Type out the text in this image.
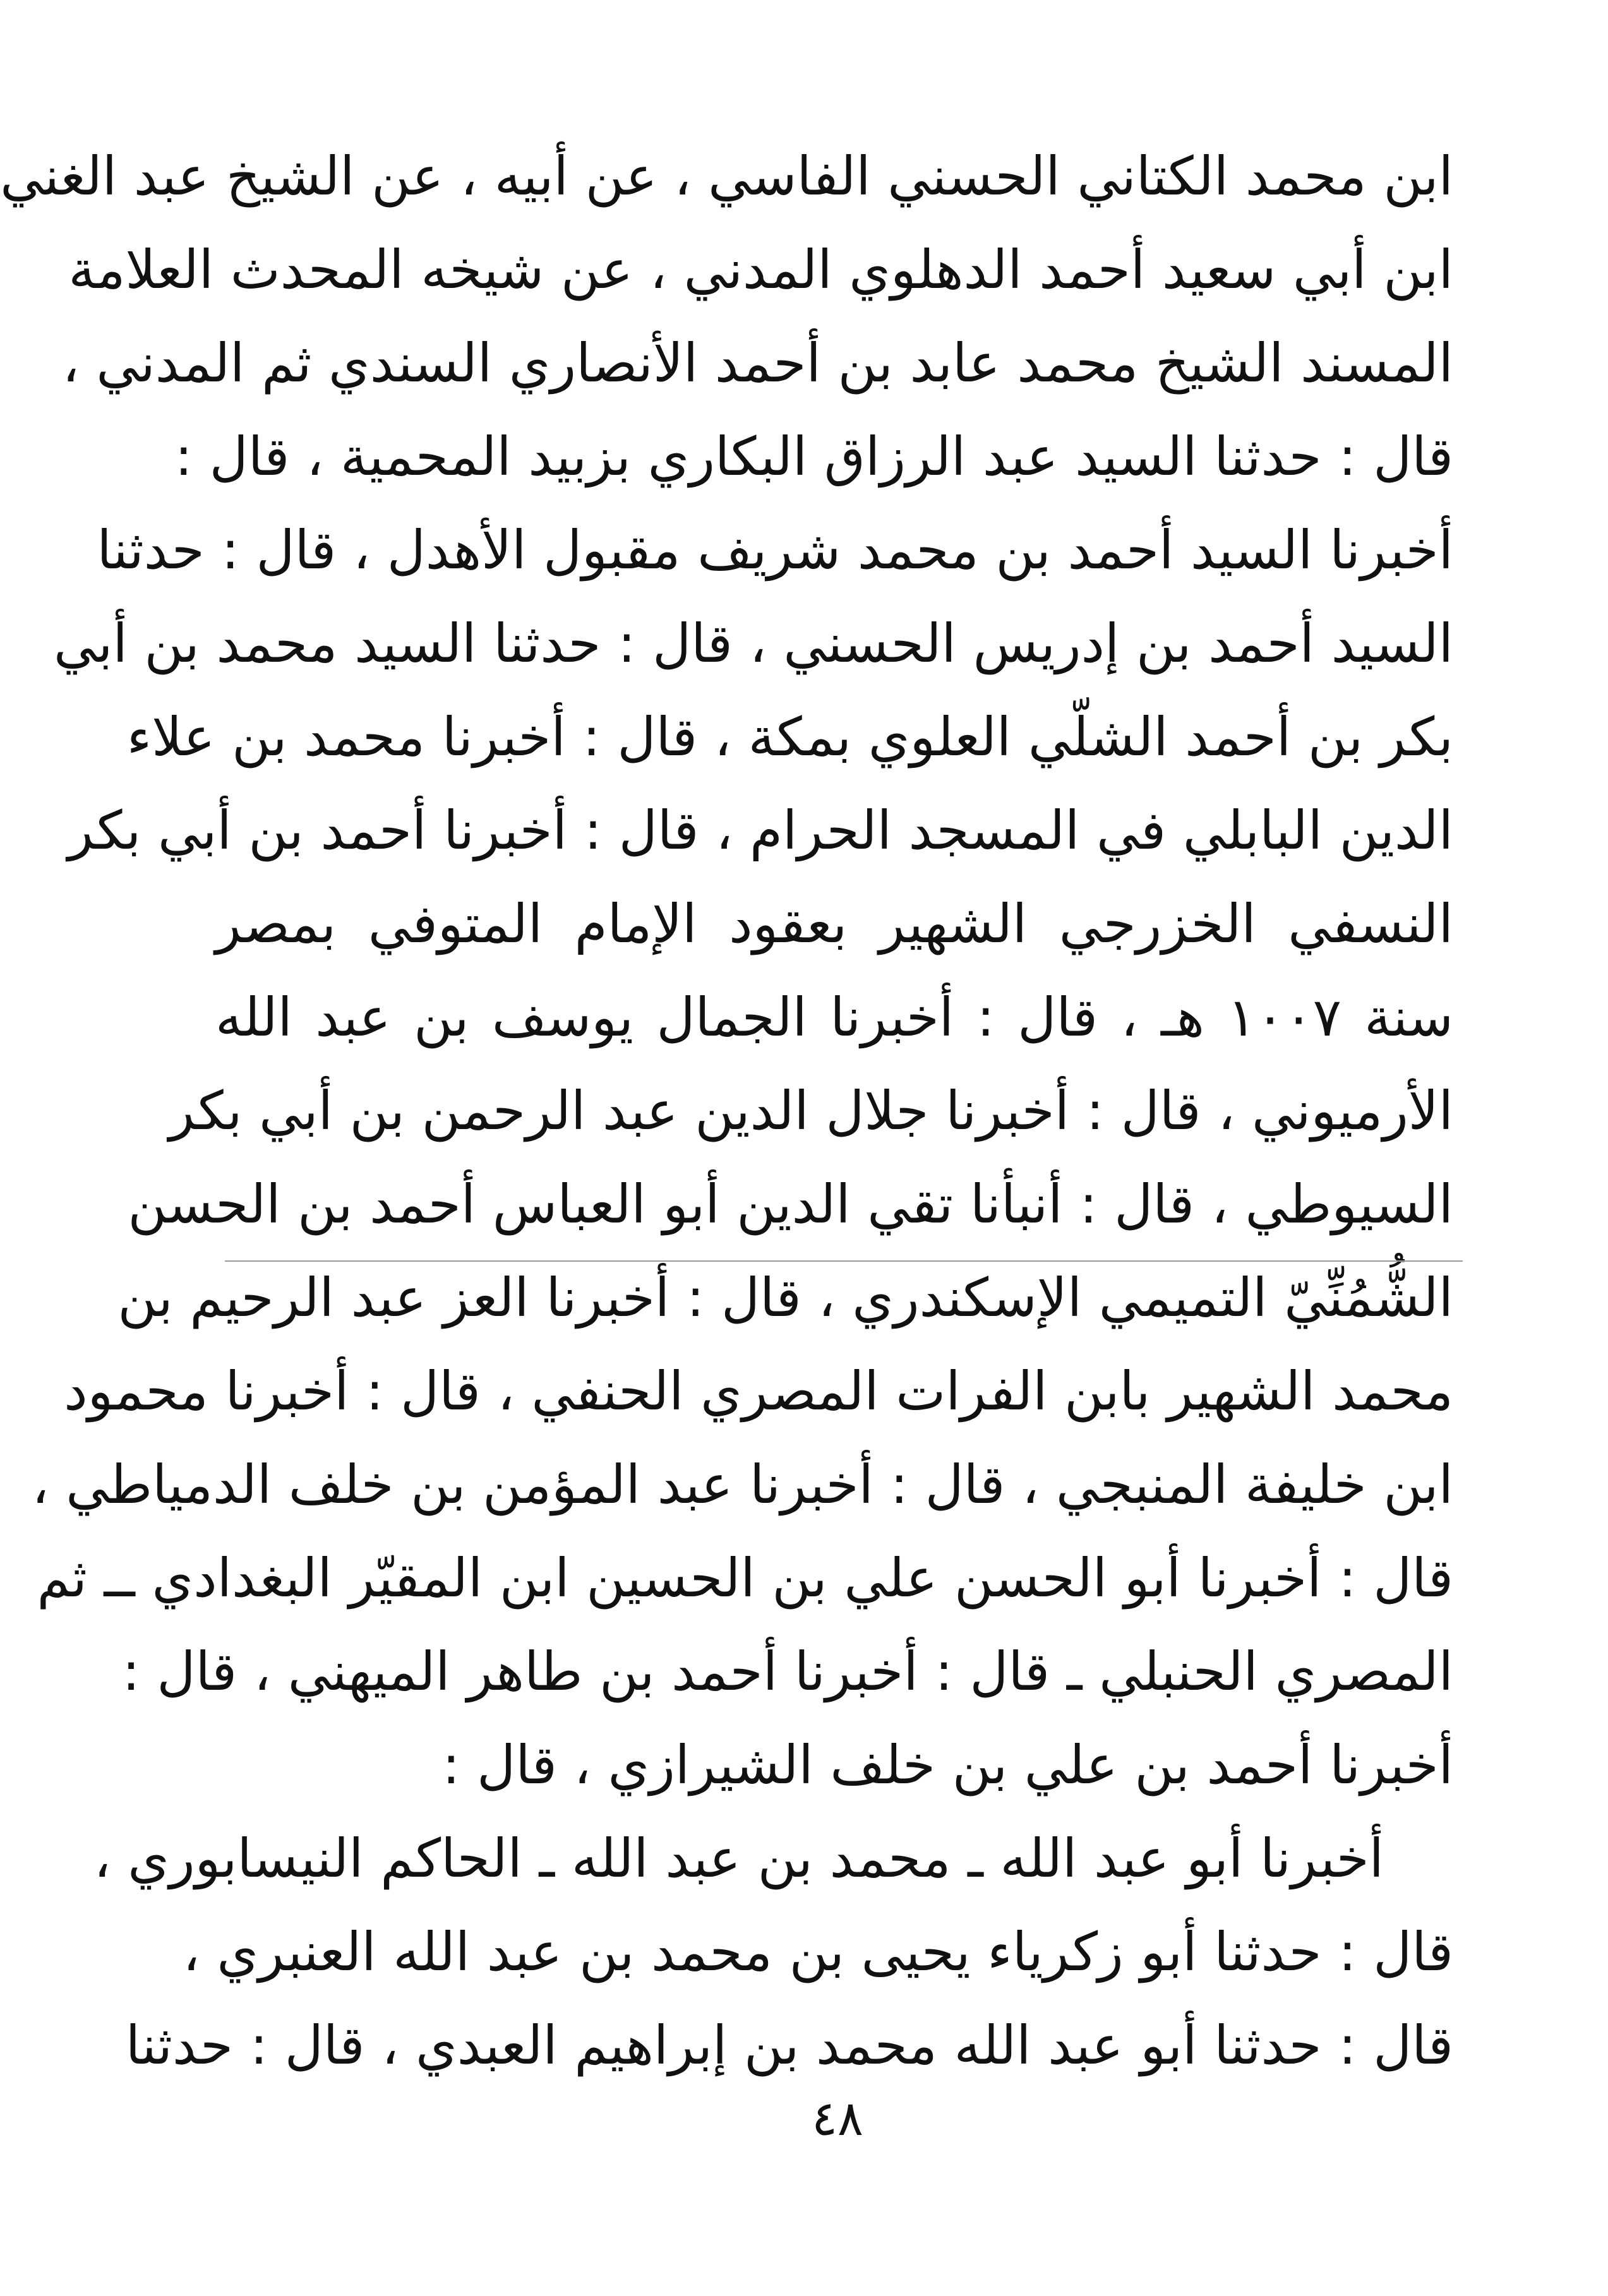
ابن محمد الكتاني الحسني الفاسي ، عن أبيه ، عن الشيخ عبد الغني
ابن أبي سعيد أحمد الدهلوي المدني ، عن شيخه المحدث العلامة
المسند الشيخ محمد عابد بن أحمد الأنصاري السندي ثم المدني ،
قال : حدثنا السيد عبد الرزاق البكاري بزبيد المحمية ، قال :
أخبرنا السيد أحمد بن محمد شريف مقبول الأهدل ، قال : حدثنا
السيد أحمد بن إدريس الحسني ، قال : حدثنا السيد محمد بن أبي
بكر بن أحمد الشلّي العلوي بمكة ، قال : أخبرنا محمد بن علاء
الدين البابلي في المسجد الحرام ، قال : أخبرنا أحمد بن أبي بكر
النسفي الخزرجي الشهير بعقود الإمام المتوفي بمصر
سنة ١٠٠٧ هـ ، قال : أخبرنا الجمال يوسف بن عبد الله
الأرميوني ، قال : أخبرنا جلال الدين عبد الرحمن بن أبي بكر
السيوطي ، قال : أنبأنا تقي الدين أبو العباس أحمد بن الحسن
الشُّمُنِّيّ التميمي الإسكندري ، قال : أخبرنا العز عبد الرحيم بن
محمد الشهير بابن الفرات المصري الحنفي ، قال : أخبرنا محمود
ابن خليفة المنبجي ، قال : أخبرنا عبد المؤمن بن خلف الدمياطي ،
قال : أخبرنا أبو الحسن علي بن الحسين ابن المقيّر البغدادي ــ ثم
المصري الحنبلي ـ قال : أخبرنا أحمد بن طاهر الميهني ، قال :
أخبرنا أحمد بن علي بن خلف الشيرازي ، قال :
أخبرنا أبو عبد الله ـ محمد بن عبد الله ـ الحاكم النيسابوري ،
قال : حدثنا أبو زكرياء يحيى بن محمد بن عبد الله العنبري ،
قال : حدثنا أبو عبد الله محمد بن إبراهيم العبدي ، قال : حدثنا
٤٨
